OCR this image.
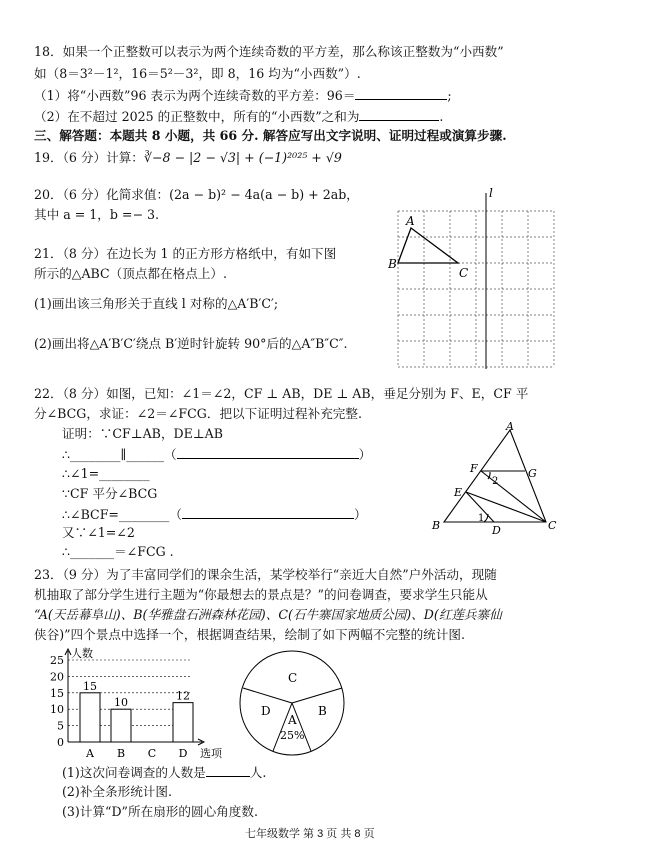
18．如果一个正整数可以表示为两个连续奇数的平方差，那么称该正整数为“小西数”
如（8＝3²－1²，16＝5²－3²，即 8，16 均为“小西数”）.
（1）将“小西数”96 表示为两个连续奇数的平方差：96＝	;
（2）在不超过 2025 的正整数中，所有的“小西数”之和为	.
三、解答题：本题共 8 小题，共 66 分. 解答应写出文字说明、证明过程或演算步骤.
19．（6 分）计算：∛−8 − |2 − √3| + (−1)²⁰²⁵ + √9
20．（6 分）化简求值：(2a − b)² − 4a(a − b) + 2ab，
其中 a = 1，b =− 3.
21．（8 分）在边长为 1 的正方形方格纸中，有如下图
所示的△ABC（顶点都在格点上）.
(1)画出该三角形关于直线 l 对称的△A′B′C′;
(2)画出将△A′B′C′绕点 B′逆时针旋转 90°后的△A″B″C″.
l
A
B
C
22．（8 分）如图，已知：∠1＝∠2，CF ⊥ AB，DE ⊥ AB，垂足分别为 F、E，CF 平
分∠BCG，求证：∠2＝∠FCG．把以下证明过程补充完整.
证明：∵CF⊥AB，DE⊥AB
∴________∥______（	）
∴∠1=________
∵CF 平分∠BCG
∴∠BCF=________（	）
又∵∠1=∠2
∴_______＝∠FCG .
A
F	G
E
B	D	C
1
2
23．（9 分）为了丰富同学们的课余生活，某学校举行“亲近大自然”户外活动，现随
机抽取了部分学生进行主题为“你最想去的景点是？”的问卷调查，要求学生只能从
“A(天岳幕阜山)、B(华雅盘石洲森林花园)、C(石牛寨国家地质公园)、D(红莲兵寨仙
侠谷)”四个景点中选择一个，根据调查结果，绘制了如下两幅不完整的统计图.
人数
选项
0
5
10
15
20
25
15
A
10
B C
12
D
C
B
A
25%
D
(1)这次问卷调查的人数是	人.
(2)补全条形统计图.
(3)计算“D”所在扇形的圆心角度数.
七年级数学 第 3 页 共 8 页
